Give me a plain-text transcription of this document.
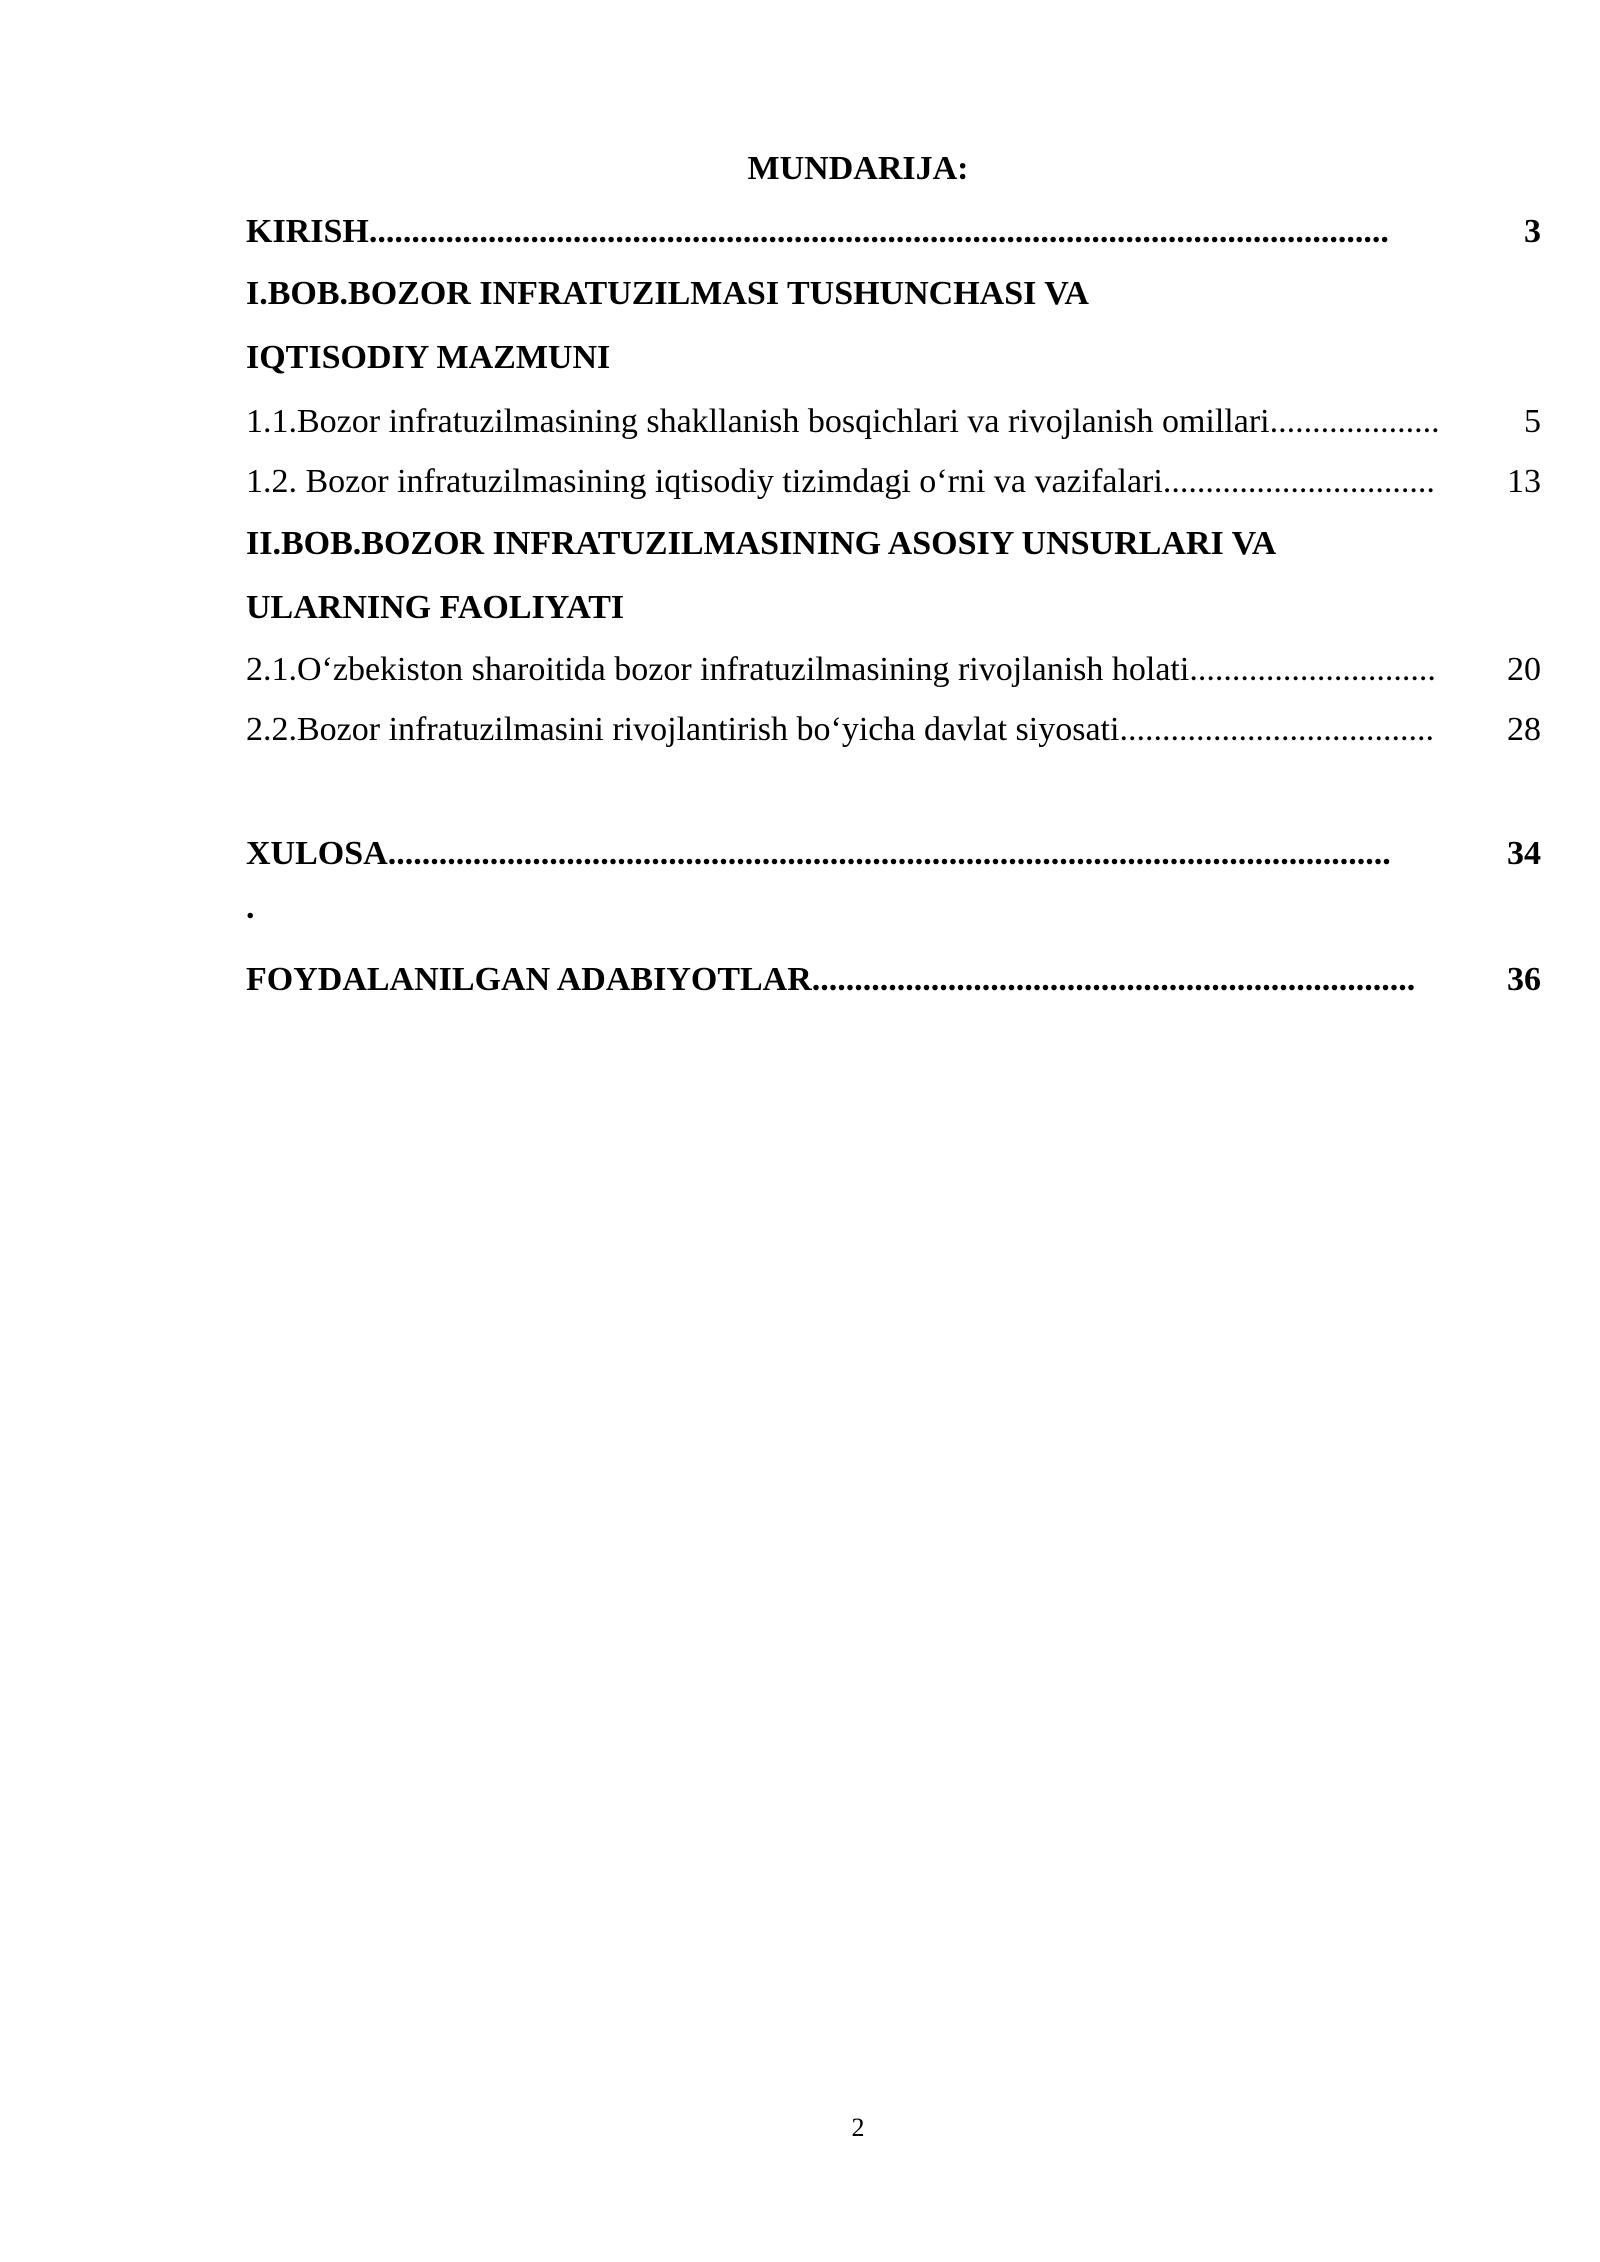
MUNDARIJA:
KIRISH........................................................................................................................	3
I.BOB.BOZOR INFRATUZILMASI TUSHUNCHASI VA
IQTISODIY MAZMUNI
1.1.Bozor infratuzilmasining shakllanish bosqichlari va rivojlanish omillari....................	5
1.2. Bozor infratuzilmasining iqtisodiy tizimdagi o‘rni va vazifalari................................	13
II.BOB.BOZOR INFRATUZILMASINING ASOSIY UNSURLARI VA
ULARNING FAOLIYATI
2.1.O‘zbekiston sharoitida bozor infratuzilmasining rivojlanish holati.............................	20
2.2.Bozor infratuzilmasini rivojlantirish bo‘yicha davlat siyosati.....................................	28
XULOSA......................................................................................................................	34
.
FOYDALANILGAN ADABIYOTLAR.......................................................................	36
2
